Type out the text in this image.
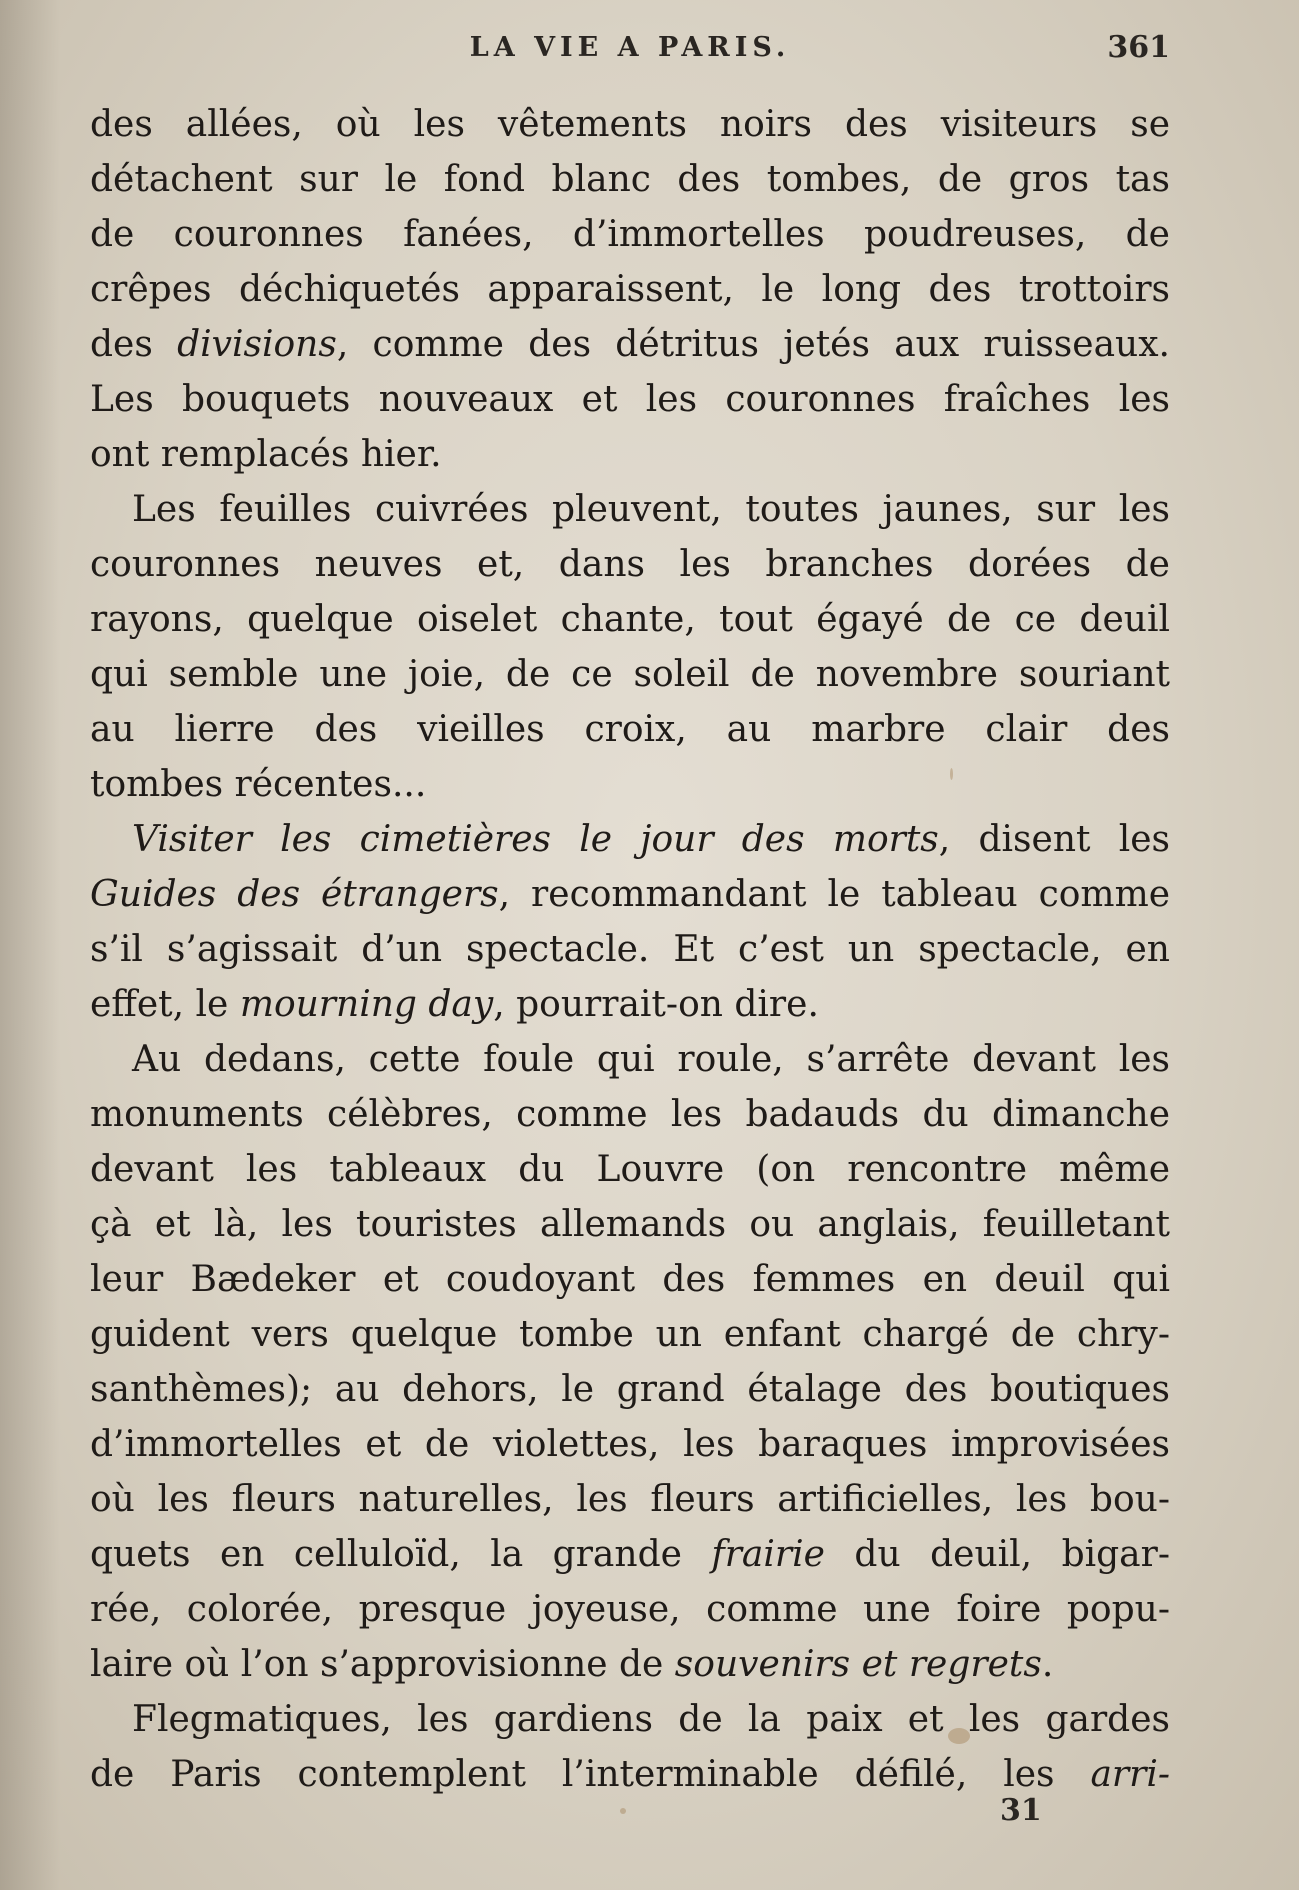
LA VIE A PARIS.	361
des allées, où les vêtements noirs des visiteurs se
détachent sur le fond blanc des tombes, de gros tas
de couronnes fanées, d’immortelles poudreuses, de
crêpes déchiquetés apparaissent, le long des trottoirs
des divisions, comme des détritus jetés aux ruisseaux.
Les bouquets nouveaux et les couronnes fraîches les
ont remplacés hier.
Les feuilles cuivrées pleuvent, toutes jaunes, sur les
couronnes neuves et, dans les branches dorées de
rayons, quelque oiselet chante, tout égayé de ce deuil
qui semble une joie, de ce soleil de novembre souriant
au lierre des vieilles croix, au marbre clair des
tombes récentes...
Visiter les cimetières le jour des morts, disent les
Guides des étrangers, recommandant le tableau comme
s’il s’agissait d’un spectacle. Et c’est un spectacle, en
effet, le mourning day, pourrait-on dire.
Au dedans, cette foule qui roule, s’arrête devant les
monuments célèbres, comme les badauds du dimanche
devant les tableaux du Louvre (on rencontre même
çà et là, les touristes allemands ou anglais, feuilletant
leur Bædeker et coudoyant des femmes en deuil qui
guident vers quelque tombe un enfant chargé de chry-
santhèmes); au dehors, le grand étalage des boutiques
d’immortelles et de violettes, les baraques improvisées
où les fleurs naturelles, les fleurs artificielles, les bou-
quets en celluloïd, la grande frairie du deuil, bigar-
rée, colorée, presque joyeuse, comme une foire popu-
laire où l’on s’approvisionne de souvenirs et regrets.
Flegmatiques, les gardiens de la paix et les gardes
de Paris contemplent l’interminable défilé, les arri-
31
